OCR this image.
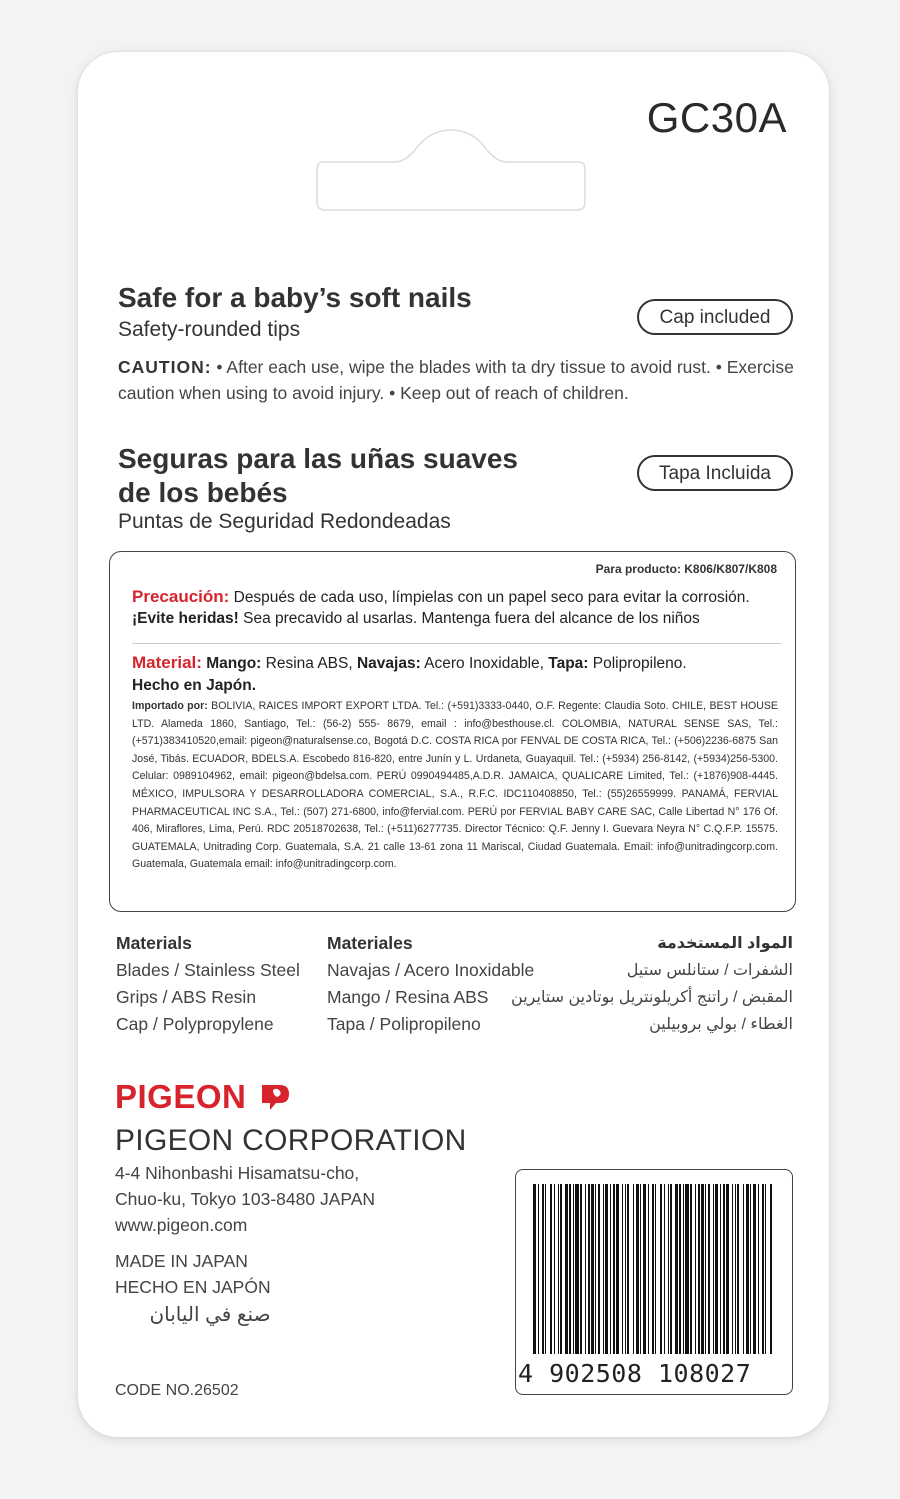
GC30A
Safe for a baby’s soft nails
Safety-rounded tips
Cap included
CAUTION: • After each use, wipe the blades with ta dry tissue to avoid rust. • Exercise caution when using to avoid injury. • Keep out of reach of children.
Seguras para las uñas suaves
de los bebés
Puntas de Seguridad Redondeadas
Tapa Incluida
Para producto: K806/K807/K808
Precaución: Después de cada uso, límpielas con un papel seco para evitar la corrosión.
¡Evite heridas! Sea precavido al usarlas. Mantenga fuera del alcance de los niños
Material: Mango: Resina ABS, Navajas: Acero Inoxidable, Tapa: Polipropileno.
Hecho en Japón.
Importado por: BOLIVIA, RAICES IMPORT EXPORT LTDA. Tel.: (+591)3333-0440, O.F. Regente: Claudia Soto. CHILE, BEST HOUSE LTD. Alameda 1860, Santiago, Tel.: (56-2) 555- 8679, email : info@besthouse.cl. COLOMBIA, NATURAL SENSE SAS, Tel.: (+571)383410520,email: pigeon@naturalsense.co, Bogotá D.C. COSTA RICA por FENVAL DE COSTA RICA, Tel.: (+506)2236-6875 San José, Tibás. ECUADOR, BDELS.A. Escobedo 816-820, entre Junín y L. Urdaneta, Guayaquil. Tel.: (+5934) 256-8142, (+5934)256-5300. Celular: 0989104962, email: pigeon@bdelsa.com. PERÚ 0990494485,A.D.R. JAMAICA, QUALICARE Limited, Tel.: (+1876)908-4445. MÉXICO, IMPULSORA Y DESARROLLADORA COMERCIAL, S.A., R.F.C. IDC110408850, Tel.: (55)26559999. PANAMÁ, FERVIAL PHARMACEUTICAL INC S.A., Tel.: (507) 271-6800, info@fervial.com. PERÚ por FERVIAL BABY CARE SAC, Calle Libertad N° 176 Of. 406, Miraflores, Lima, Perú. RDC 20518702638, Tel.: (+511)6277735. Director Técnico: Q.F. Jenny I. Guevara Neyra N° C.Q.F.P. 15575. GUATEMALA, Unitrading Corp. Guatemala, S.A. 21 calle 13-61 zona 11 Mariscal, Ciudad Guatemala. Email: info@unitradingcorp.com. Guatemala, Guatemala email: info@unitradingcorp.com.
Materials
Blades / Stainless Steel
Grips / ABS Resin
Cap / Polypropylene
Materiales
Navajas / Acero Inoxidable
Mango / Resina ABS
Tapa / Polipropileno
المواد المستخدمة
الشفرات / ستانلس ستيل
المقبض / راتنج أكريلونتريل بوتادين ستايرين
الغطاء / بولي بروبيلين
PIGEON
PIGEON CORPORATION
4-4 Nihonbashi Hisamatsu-cho,
Chuo-ku, Tokyo 103-8480 JAPAN
www.pigeon.com
MADE IN JAPAN
HECHO EN JAPÓN
صنع في اليابان
CODE NO.26502
4 902508 108027
